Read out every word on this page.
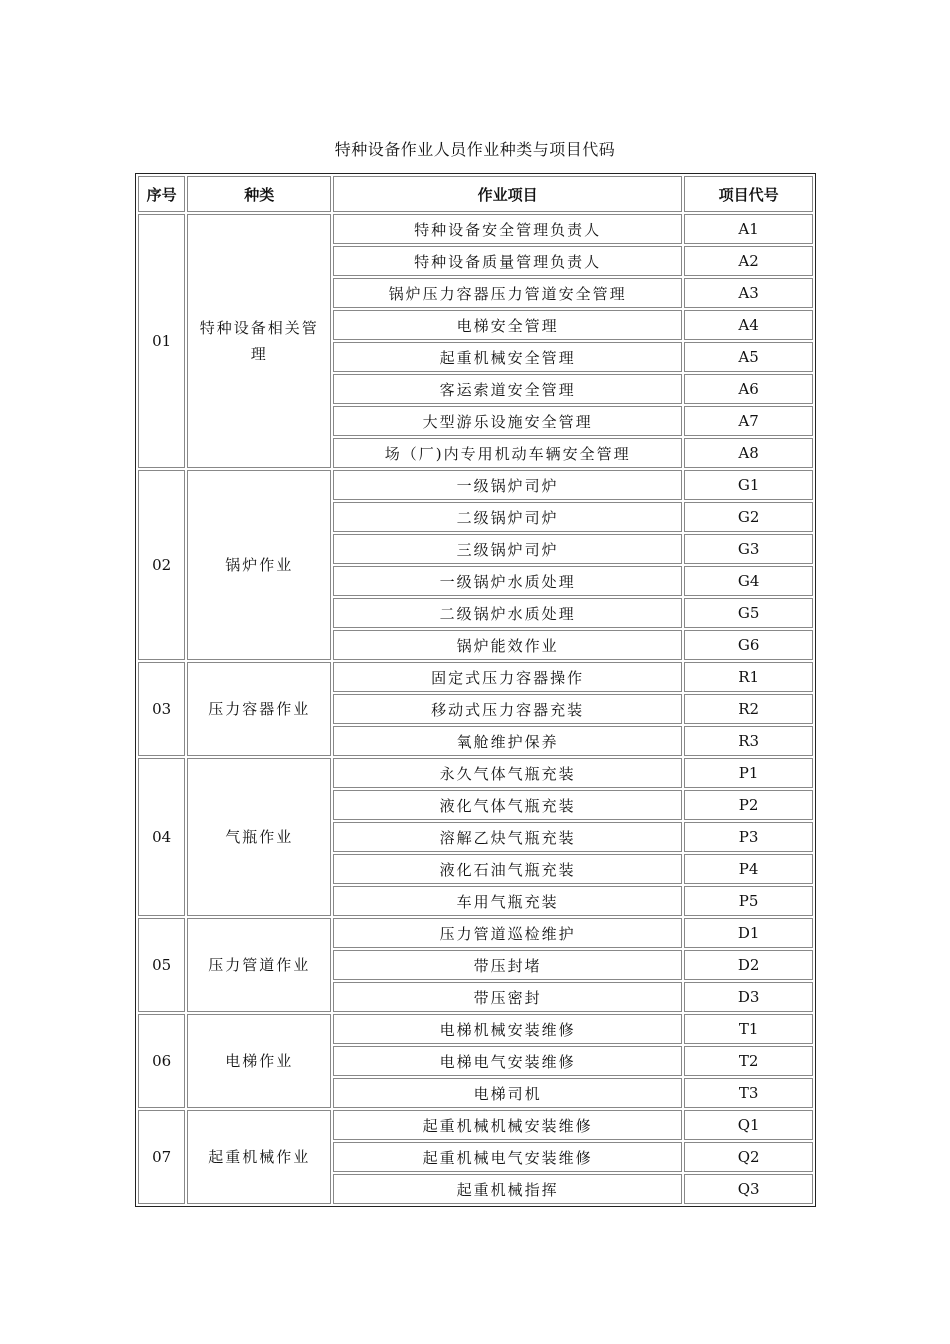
特种设备作业人员作业种类与项目代码
序号	种类	作业项目	项目代号
01	特种设备相关管理	特种设备安全管理负责人	A1
		特种设备质量管理负责人	A2
		锅炉压力容器压力管道安全管理	A3
		电梯安全管理	A4
		起重机械安全管理	A5
		客运索道安全管理	A6
		大型游乐设施安全管理	A7
		场（厂)内专用机动车辆安全管理	A8
02	锅炉作业	一级锅炉司炉	G1
		二级锅炉司炉	G2
		三级锅炉司炉	G3
		一级锅炉水质处理	G4
		二级锅炉水质处理	G5
		锅炉能效作业	G6
03	压力容器作业	固定式压力容器操作	R1
		移动式压力容器充装	R2
		氧舱维护保养	R3
04	气瓶作业	永久气体气瓶充装	P1
		液化气体气瓶充装	P2
		溶解乙炔气瓶充装	P3
		液化石油气瓶充装	P4
		车用气瓶充装	P5
05	压力管道作业	压力管道巡检维护	D1
		带压封堵	D2
		带压密封	D3
06	电梯作业	电梯机械安装维修	T1
		电梯电气安装维修	T2
		电梯司机	T3
07	起重机械作业	起重机械机械安装维修	Q1
		起重机械电气安装维修	Q2
		起重机械指挥	Q3
